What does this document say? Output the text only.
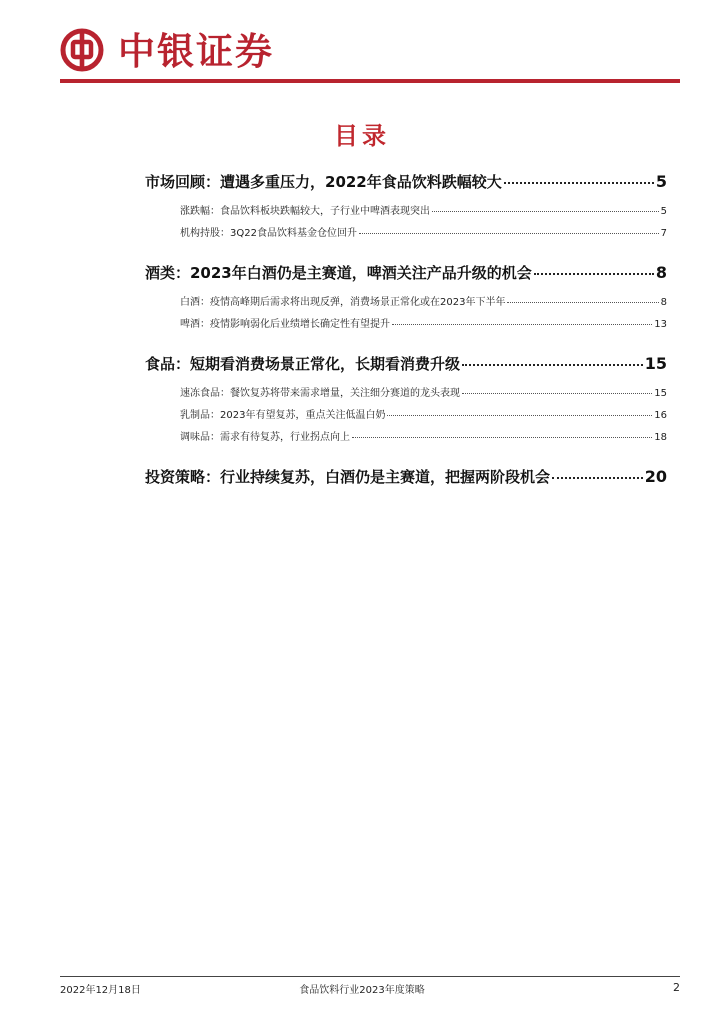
中银证券
目录
市场回顾：遭遇多重压力，2022年食品饮料跌幅较大	5
涨跌幅：食品饮料板块跌幅较大，子行业中啤酒表现突出	5
机构持股：3Q22食品饮料基金仓位回升	7
酒类：2023年白酒仍是主赛道，啤酒关注产品升级的机会	8
白酒：疫情高峰期后需求将出现反弹，消费场景正常化或在2023年下半年	8
啤酒：疫情影响弱化后业绩增长确定性有望提升	13
食品：短期看消费场景正常化，长期看消费升级	15
速冻食品：餐饮复苏将带来需求增量，关注细分赛道的龙头表现	15
乳制品：2023年有望复苏，重点关注低温白奶	16
调味品：需求有待复苏，行业拐点向上	18
投资策略：行业持续复苏，白酒仍是主赛道，把握两阶段机会	20
2022年12月18日	食品饮料行业2023年度策略	2
